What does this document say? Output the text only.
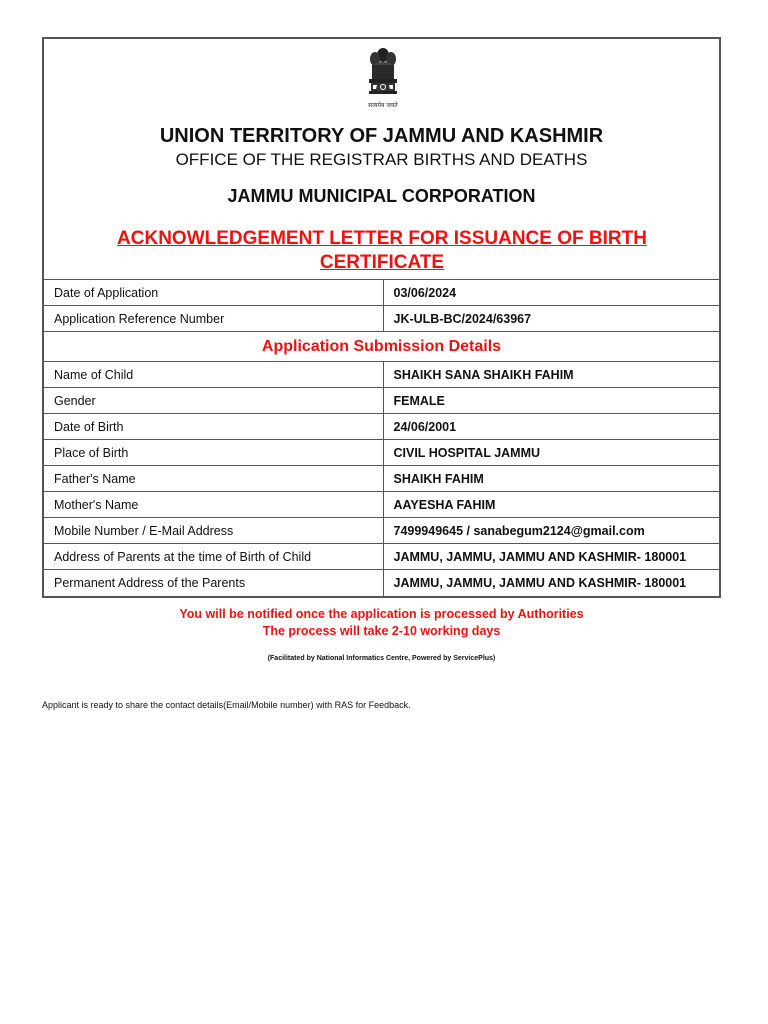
सत्यमेव जयते
UNION TERRITORY OF JAMMU AND KASHMIR
OFFICE OF THE REGISTRAR BIRTHS AND DEATHS
JAMMU MUNICIPAL CORPORATION
ACKNOWLEDGEMENT LETTER FOR ISSUANCE OF BIRTH
CERTIFICATE
Date of Application	03/06/2024
Application Reference Number	JK-ULB-BC/2024/63967
Application Submission Details	
Name of Child	SHAIKH SANA SHAIKH FAHIM
Gender	FEMALE
Date of Birth	24/06/2001
Place of Birth	CIVIL HOSPITAL JAMMU
Father's Name	SHAIKH FAHIM
Mother's Name	AAYESHA FAHIM
Mobile Number / E-Mail Address	7499949645 / sanabegum2124@gmail.com
Address of Parents at the time of Birth of Child	JAMMU, JAMMU, JAMMU AND KASHMIR- 180001
Permanent Address of the Parents	JAMMU, JAMMU, JAMMU AND KASHMIR- 180001
You will be notified once the application is processed by Authorities
The process will take 2-10 working days
(Facilitated by National Informatics Centre, Powered by ServicePlus)
Applicant is ready to share the contact details(Email/Mobile number) with RAS for Feedback.
